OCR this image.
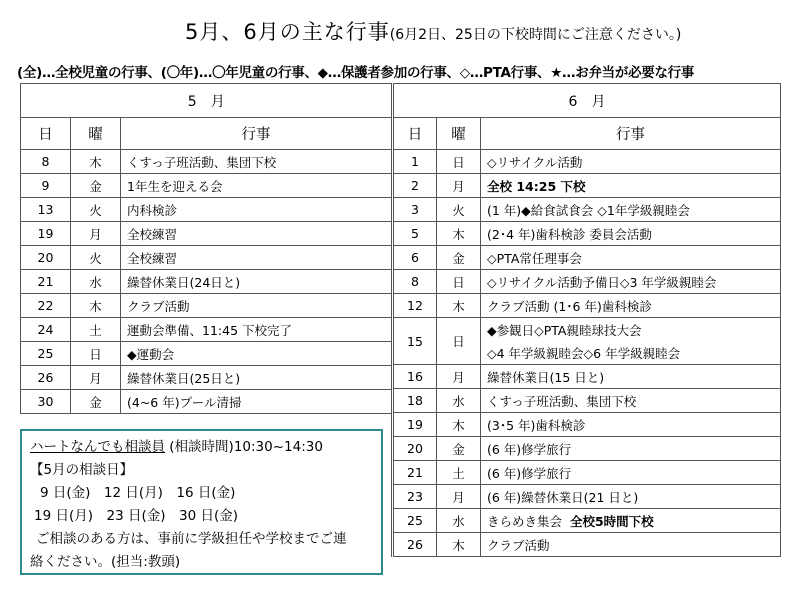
5月、6月の主な行事(6月2日、25日の下校時間にご注意ください。)
(全)…全校児童の行事、(〇年)…〇年児童の行事、◆…保護者参加の行事、◇…PTA行事、★…お弁当が必要な行事
5　月		
日	曜	行事
8	木	くすっ子班活動、集団下校
9	金	1年生を迎える会
13	火	内科検診
19	月	全校練習
20	火	全校練習
21	水	繰替休業日(24日と)
22	木	クラブ活動
24	土	運動会準備、11:45 下校完了
25	日	◆運動会
26	月	繰替休業日(25日と)
30	金	(4~6 年)プール清掃
6　月		
日	曜	行事
1	日	◇リサイクル活動
2	月	全校 14:25 下校
3	火	(1 年)◆給食試食会 ◇1年学級親睦会
5	木	(2･4 年)歯科検診 委員会活動
6	金	◇PTA常任理事会
8	日	◇リサイクル活動予備日◇3 年学級親睦会
12	木	クラブ活動 (1･6 年)歯科検診
15	日	◆参観日◇PTA親睦球技大会
		◇4 年学級親睦会◇6 年学級親睦会
16	月	繰替休業日(15 日と)
18	水	くすっ子班活動、集団下校
19	木	(3･5 年)歯科検診
20	金	(6 年)修学旅行
21	土	(6 年)修学旅行
23	月	(6 年)繰替休業日(21 日と)
25	水	きらめき集会 全校5時間下校
26	木	クラブ活動
ハートなんでも相談員 (相談時間)10:30~14:30
【5月の相談日】
9 日(金)　12 日(月)　16 日(金)
19 日(月)　23 日(金)　30 日(金)
ご相談のある方は、事前に学級担任や学校までご連
絡ください。(担当:教頭)
